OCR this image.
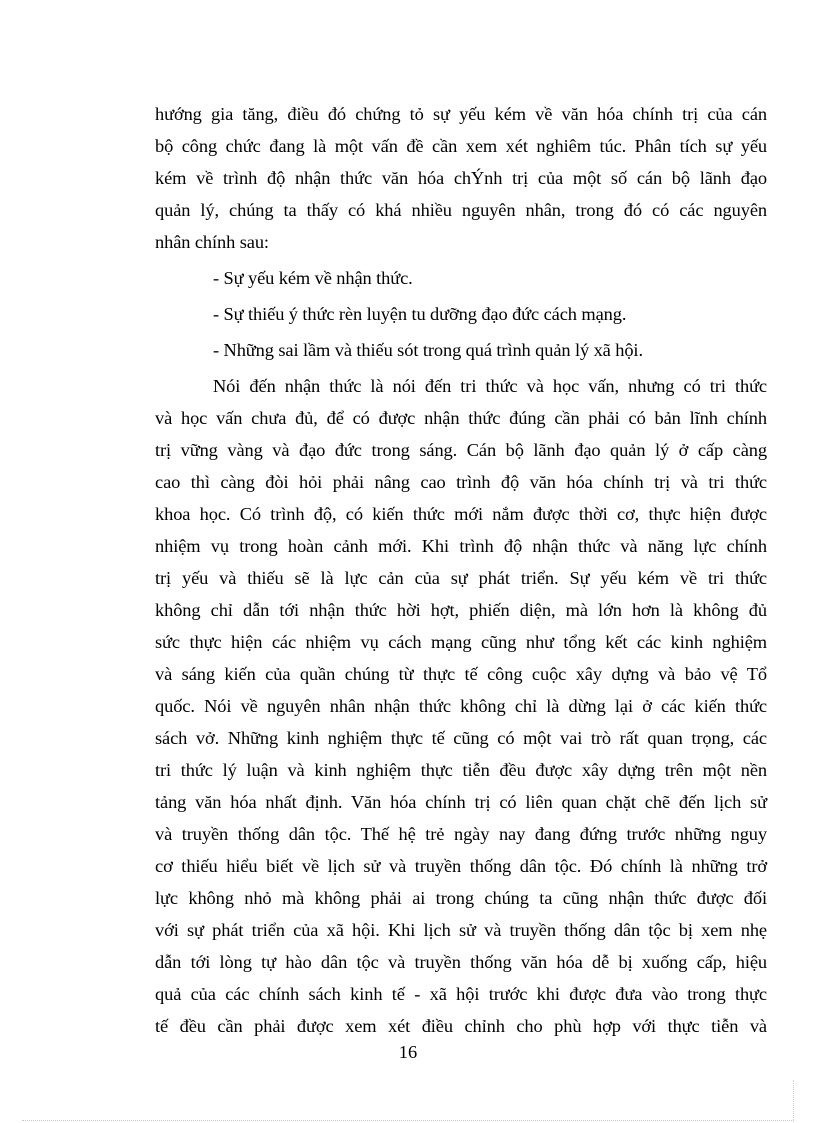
hướng gia tăng, điều đó chứng tỏ sự yếu kém về văn hóa chính trị của cán
bộ công chức đang là một vấn đề cần xem xét nghiêm túc. Phân tích sự yếu
kém về trình độ nhận thức văn hóa chÝnh trị của một số cán bộ lãnh đạo
quản lý, chúng ta thấy có khá nhiều nguyên nhân, trong đó có các nguyên
nhân chính sau:
- Sự yếu kém về nhận thức.
- Sự thiếu ý thức rèn luyện tu dưỡng đạo đức cách mạng.
- Những sai lầm và thiếu sót trong quá trình quản lý xã hội.
Nói đến nhận thức là nói đến tri thức và học vấn, nhưng có tri thức
và học vấn chưa đủ, để có được nhận thức đúng cần phải có bản lĩnh chính
trị vững vàng và đạo đức trong sáng. Cán bộ lãnh đạo quản lý ở cấp càng
cao thì càng đòi hỏi phải nâng cao trình độ văn hóa chính trị và tri thức
khoa học. Có trình độ, có kiến thức mới nắm được thời cơ, thực hiện được
nhiệm vụ trong hoàn cảnh mới. Khi trình độ nhận thức và năng lực chính
trị yếu và thiếu sẽ là lực cản của sự phát triển. Sự yếu kém về tri thức
không chỉ dẫn tới nhận thức hời hợt, phiến diện, mà lớn hơn là không đủ
sức thực hiện các nhiệm vụ cách mạng cũng như tổng kết các kinh nghiệm
và sáng kiến của quần chúng từ thực tế công cuộc xây dựng và bảo vệ Tổ
quốc. Nói về nguyên nhân nhận thức không chỉ là dừng lại ở các kiến thức
sách vở. Những kinh nghiệm thực tế cũng có một vai trò rất quan trọng, các
tri thức lý luận và kinh nghiệm thực tiễn đều được xây dựng trên một nền
tảng văn hóa nhất định. Văn hóa chính trị có liên quan chặt chẽ đến lịch sử
và truyền thống dân tộc. Thế hệ trẻ ngày nay đang đứng trước những nguy
cơ thiếu hiểu biết về lịch sử và truyền thống dân tộc. Đó chính là những trở
lực không nhỏ mà không phải ai trong chúng ta cũng nhận thức được đối
với sự phát triển của xã hội. Khi lịch sử và truyền thống dân tộc bị xem nhẹ
dẫn tới lòng tự hào dân tộc và truyền thống văn hóa dễ bị xuống cấp, hiệu
quả của các chính sách kinh tế - xã hội trước khi được đưa vào trong thực
tế đều cần phải được xem xét điều chỉnh cho phù hợp với thực tiễn và
16
